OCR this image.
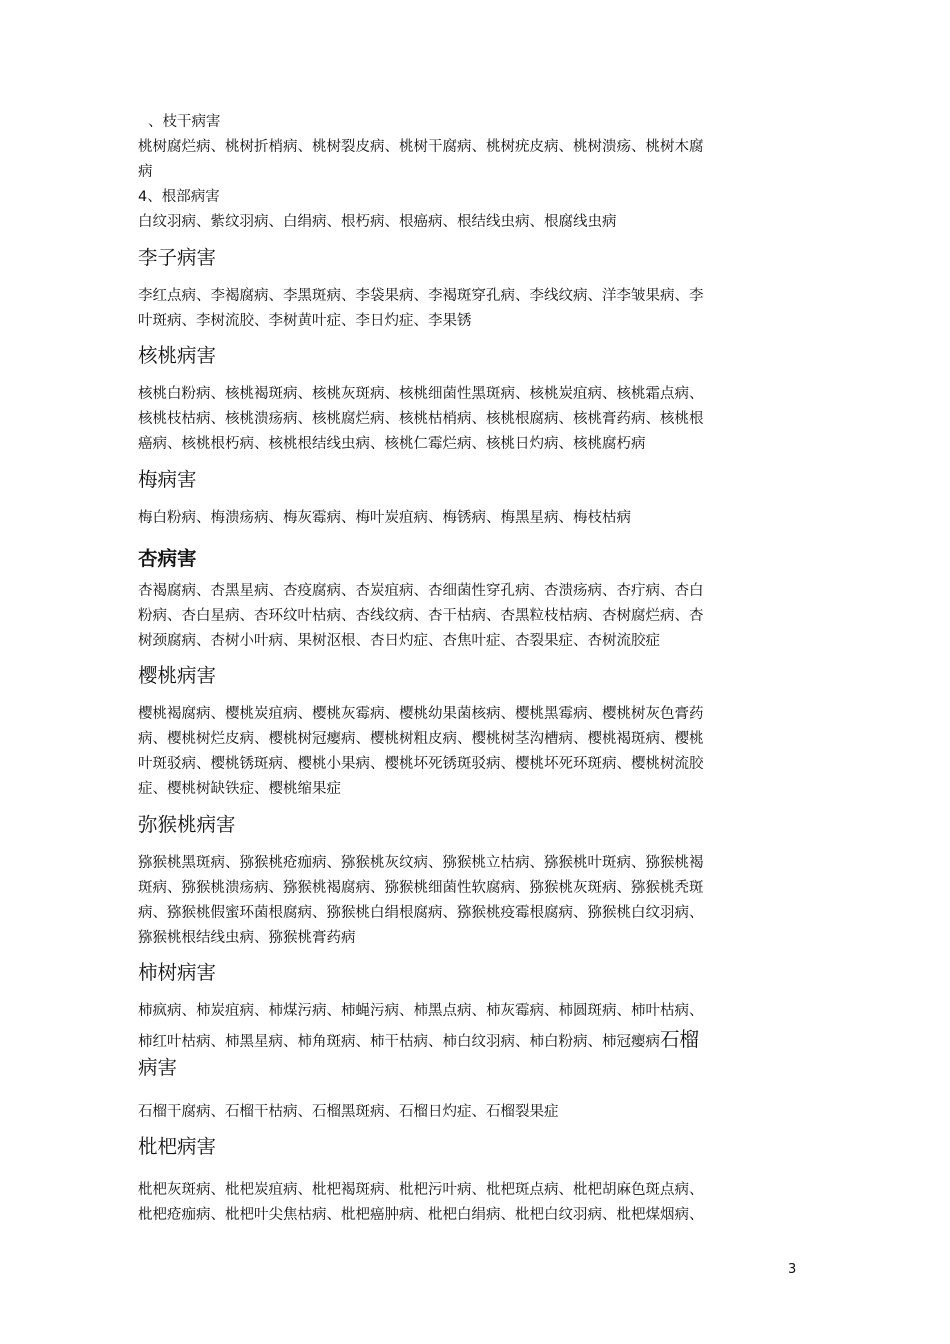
、枝干病害

桃树腐烂病、桃树折梢病、桃树裂皮病、桃树干腐病、桃树疣皮病、桃树溃疡、桃树木腐

病

4、根部病害

白纹羽病、紫纹羽病、白绢病、根朽病、根癌病、根结线虫病、根腐线虫病

李子病害

李红点病、李褐腐病、李黑斑病、李袋果病、李褐斑穿孔病、李线纹病、洋李皱果病、李

叶斑病、李树流胶、李树黄叶症、李日灼症、李果锈

核桃病害

核桃白粉病、核桃褐斑病、核桃灰斑病、核桃细菌性黑斑病、核桃炭疽病、核桃霜点病、

核桃枝枯病、核桃溃疡病、核桃腐烂病、核桃枯梢病、核桃根腐病、核桃膏药病、核桃根

癌病、核桃根朽病、核桃根结线虫病、核桃仁霉烂病、核桃日灼病、核桃腐朽病

梅病害

梅白粉病、梅溃疡病、梅灰霉病、梅叶炭疽病、梅锈病、梅黑星病、梅枝枯病

杏病害

杏褐腐病、杏黑星病、杏疫腐病、杏炭疽病、杏细菌性穿孔病、杏溃疡病、杏疔病、杏白

粉病、杏白星病、杏环纹叶枯病、杏线纹病、杏干枯病、杏黑粒枝枯病、杏树腐烂病、杏

树颈腐病、杏树小叶病、果树沤根、杏日灼症、杏焦叶症、杏裂果症、杏树流胶症

樱桃病害

樱桃褐腐病、樱桃炭疽病、樱桃灰霉病、樱桃幼果菌核病、樱桃黑霉病、樱桃树灰色膏药

病、樱桃树烂皮病、樱桃树冠瘿病、樱桃树粗皮病、樱桃树茎沟槽病、樱桃褐斑病、樱桃

叶斑驳病、樱桃锈斑病、樱桃小果病、樱桃坏死锈斑驳病、樱桃坏死环斑病、樱桃树流胶

症、樱桃树缺铁症、樱桃缩果症

弥猴桃病害

猕猴桃黑斑病、猕猴桃疮痂病、猕猴桃灰纹病、猕猴桃立枯病、猕猴桃叶斑病、猕猴桃褐

斑病、猕猴桃溃疡病、猕猴桃褐腐病、猕猴桃细菌性软腐病、猕猴桃灰斑病、猕猴桃秃斑

病、猕猴桃假蜜环菌根腐病、猕猴桃白绢根腐病、猕猴桃疫霉根腐病、猕猴桃白纹羽病、

猕猴桃根结线虫病、猕猴桃膏药病

柿树病害

柿疯病、柿炭疽病、柿煤污病、柿蝇污病、柿黑点病、柿灰霉病、柿圆斑病、柿叶枯病、

柿红叶枯病、柿黑星病、柿角斑病、柿干枯病、柿白纹羽病、柿白粉病、柿冠瘿病石榴

病害

石榴干腐病、石榴干枯病、石榴黑斑病、石榴日灼症、石榴裂果症

枇杷病害

枇杷灰斑病、枇杷炭疽病、枇杷褐斑病、枇杷污叶病、枇杷斑点病、枇杷胡麻色斑点病、

枇杷疮痂病、枇杷叶尖焦枯病、枇杷癌肿病、枇杷白绢病、枇杷白纹羽病、枇杷煤烟病、

3
